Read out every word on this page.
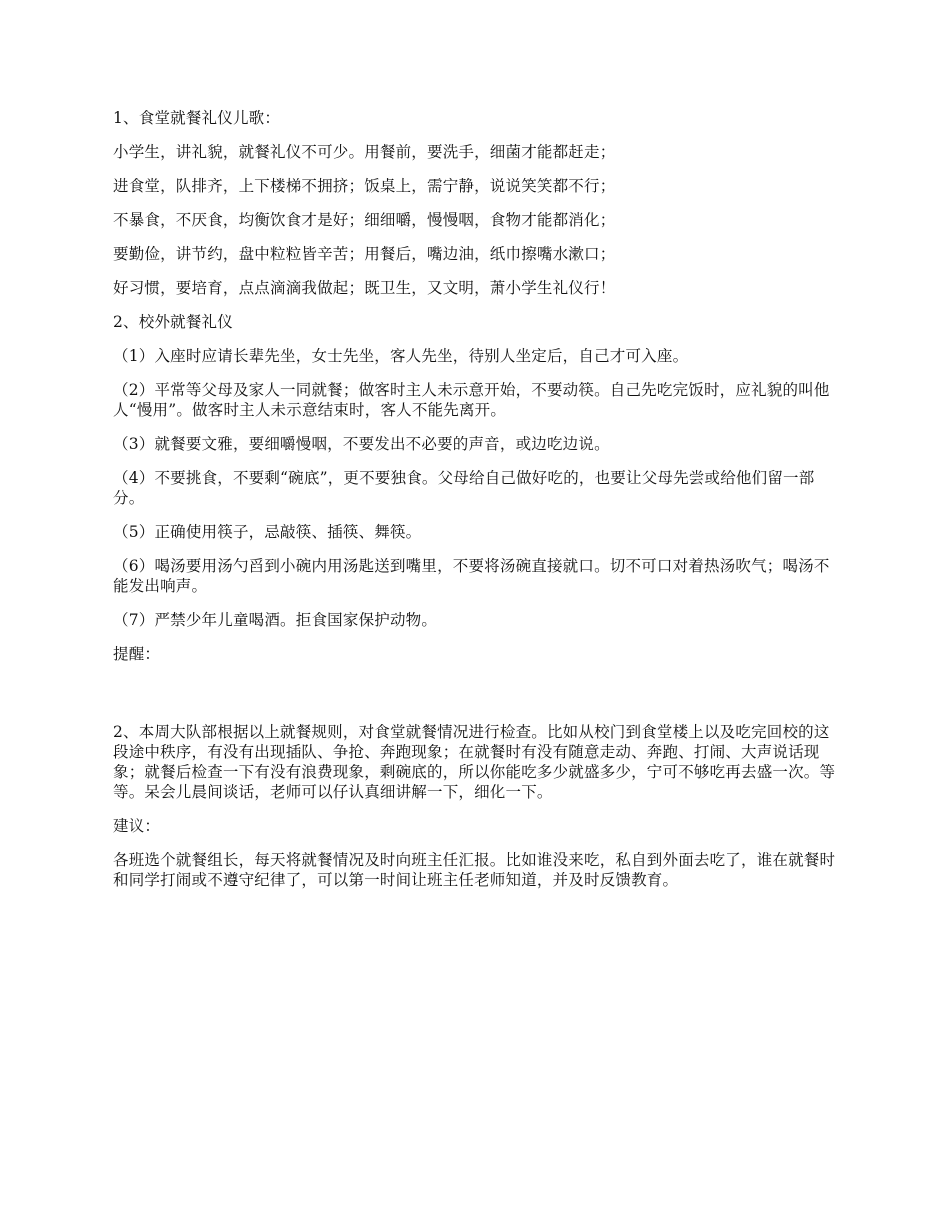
1、食堂就餐礼仪儿歌：

小学生，讲礼貌，就餐礼仪不可少。用餐前，要洗手，细菌才能都赶走；

进食堂，队排齐，上下楼梯不拥挤；饭桌上，需宁静，说说笑笑都不行；

不暴食，不厌食，均衡饮食才是好；细细嚼，慢慢咽，食物才能都消化；

要勤俭，讲节约，盘中粒粒皆辛苦；用餐后，嘴边油，纸巾擦嘴水漱口；

好习惯，要培育，点点滴滴我做起；既卫生，又文明，萧小学生礼仪行！

2、校外就餐礼仪

（1）入座时应请长辈先坐，女士先坐，客人先坐，待别人坐定后，自己才可入座。

（2）平常等父母及家人一同就餐；做客时主人未示意开始，不要动筷。自己先吃完饭时，应礼貌的叫他人“慢用”。做客时主人未示意结束时，客人不能先离开。

（3）就餐要文雅，要细嚼慢咽，不要发出不必要的声音，或边吃边说。

（4）不要挑食，不要剩“碗底”，更不要独食。父母给自己做好吃的，也要让父母先尝或给他们留一部分。

（5）正确使用筷子，忌敲筷、插筷、舞筷。

（6）喝汤要用汤勺舀到小碗内用汤匙送到嘴里，不要将汤碗直接就口。切不可口对着热汤吹气；喝汤不能发出响声。

（7）严禁少年儿童喝酒。拒食国家保护动物。

提醒：

2、本周大队部根据以上就餐规则，对食堂就餐情况进行检查。比如从校门到食堂楼上以及吃完回校的这段途中秩序，有没有出现插队、争抢、奔跑现象；在就餐时有没有随意走动、奔跑、打闹、大声说话现象；就餐后检查一下有没有浪费现象，剩碗底的，所以你能吃多少就盛多少，宁可不够吃再去盛一次。等等。呆会儿晨间谈话，老师可以仔认真细讲解一下，细化一下。

建议：

各班选个就餐组长，每天将就餐情况及时向班主任汇报。比如谁没来吃，私自到外面去吃了，谁在就餐时和同学打闹或不遵守纪律了，可以第一时间让班主任老师知道，并及时反馈教育。
